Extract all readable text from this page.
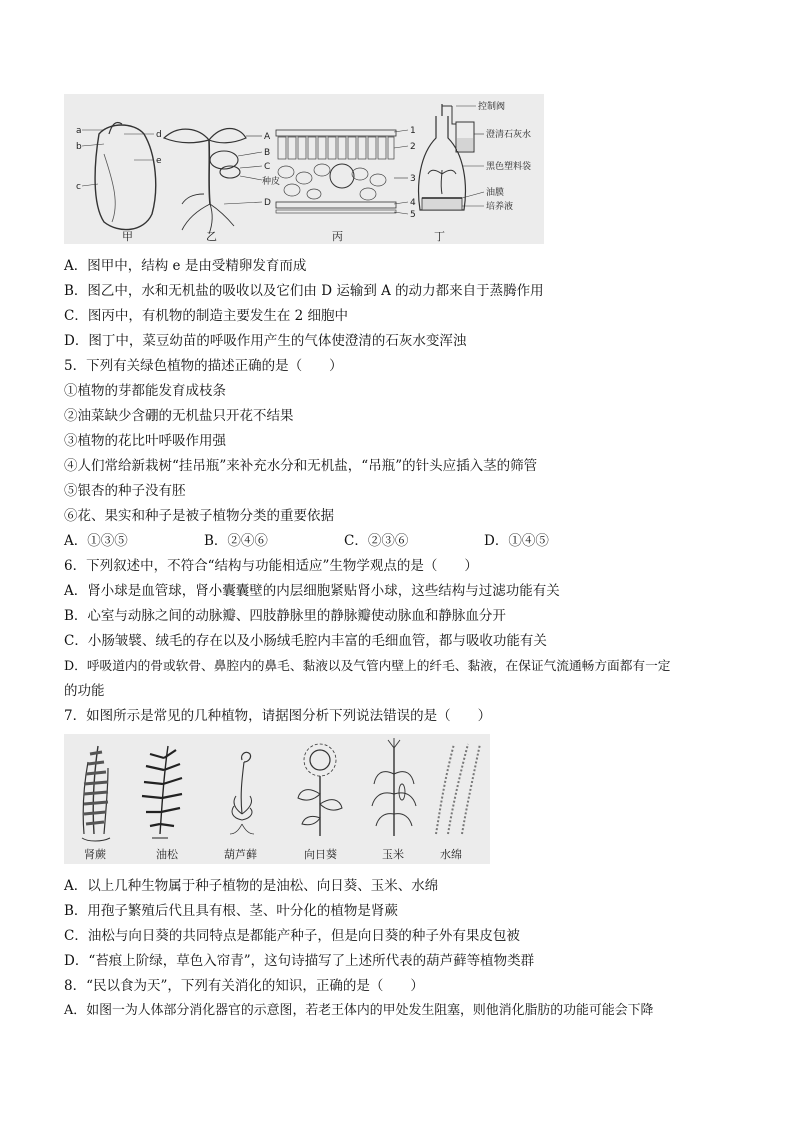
a
b
c
d
e
甲
A
B
C
种皮
D
乙
1
2
3
4
5
丙
控制阀
澄清石灰水
黑色塑料袋
油膜
培养液
丁
A．图甲中，结构 e 是由受精卵发育而成
B．图乙中，水和无机盐的吸收以及它们由 D 运输到 A 的动力都来自于蒸腾作用
C．图丙中，有机物的制造主要发生在 2 细胞中
D．图丁中，菜豆幼苗的呼吸作用产生的气体使澄清的石灰水变浑浊
5．下列有关绿色植物的描述正确的是（　　）
①植物的芽都能发育成枝条
②油菜缺少含硼的无机盐只开花不结果
③植物的花比叶呼吸作用强
④人们常给新栽树“挂吊瓶”来补充水分和无机盐，“吊瓶”的针头应插入茎的筛管
⑤银杏的种子没有胚
⑥花、果实和种子是被子植物分类的重要依据
A．①③⑤	B．②④⑥	C．②③⑥	D．①④⑤
6．下列叙述中，不符合“结构与功能相适应”生物学观点的是（　　）
A．肾小球是血管球，肾小囊囊壁的内层细胞紧贴肾小球，这些结构与过滤功能有关
B．心室与动脉之间的动脉瓣、四肢静脉里的静脉瓣使动脉血和静脉血分开
C．小肠皱襞、绒毛的存在以及小肠绒毛腔内丰富的毛细血管，都与吸收功能有关
D．呼吸道内的骨或软骨、鼻腔内的鼻毛、黏液以及气管内壁上的纤毛、黏液，在保证气流通畅方面都有一定
的功能
7．如图所示是常见的几种植物，请据图分析下列说法错误的是（　　）
肾蕨	油松	葫芦藓	向日葵	玉米	水绵
A．以上几种生物属于种子植物的是油松、向日葵、玉米、水绵
B．用孢子繁殖后代且具有根、茎、叶分化的植物是肾蕨
C．油松与向日葵的共同特点是都能产种子，但是向日葵的种子外有果皮包被
D．“苔痕上阶绿，草色入帘青”，这句诗描写了上述所代表的葫芦藓等植物类群
8．“民以食为天”，下列有关消化的知识，正确的是（　　）
A．如图一为人体部分消化器官的示意图，若老王体内的甲处发生阻塞，则他消化脂肪的功能可能会下降
